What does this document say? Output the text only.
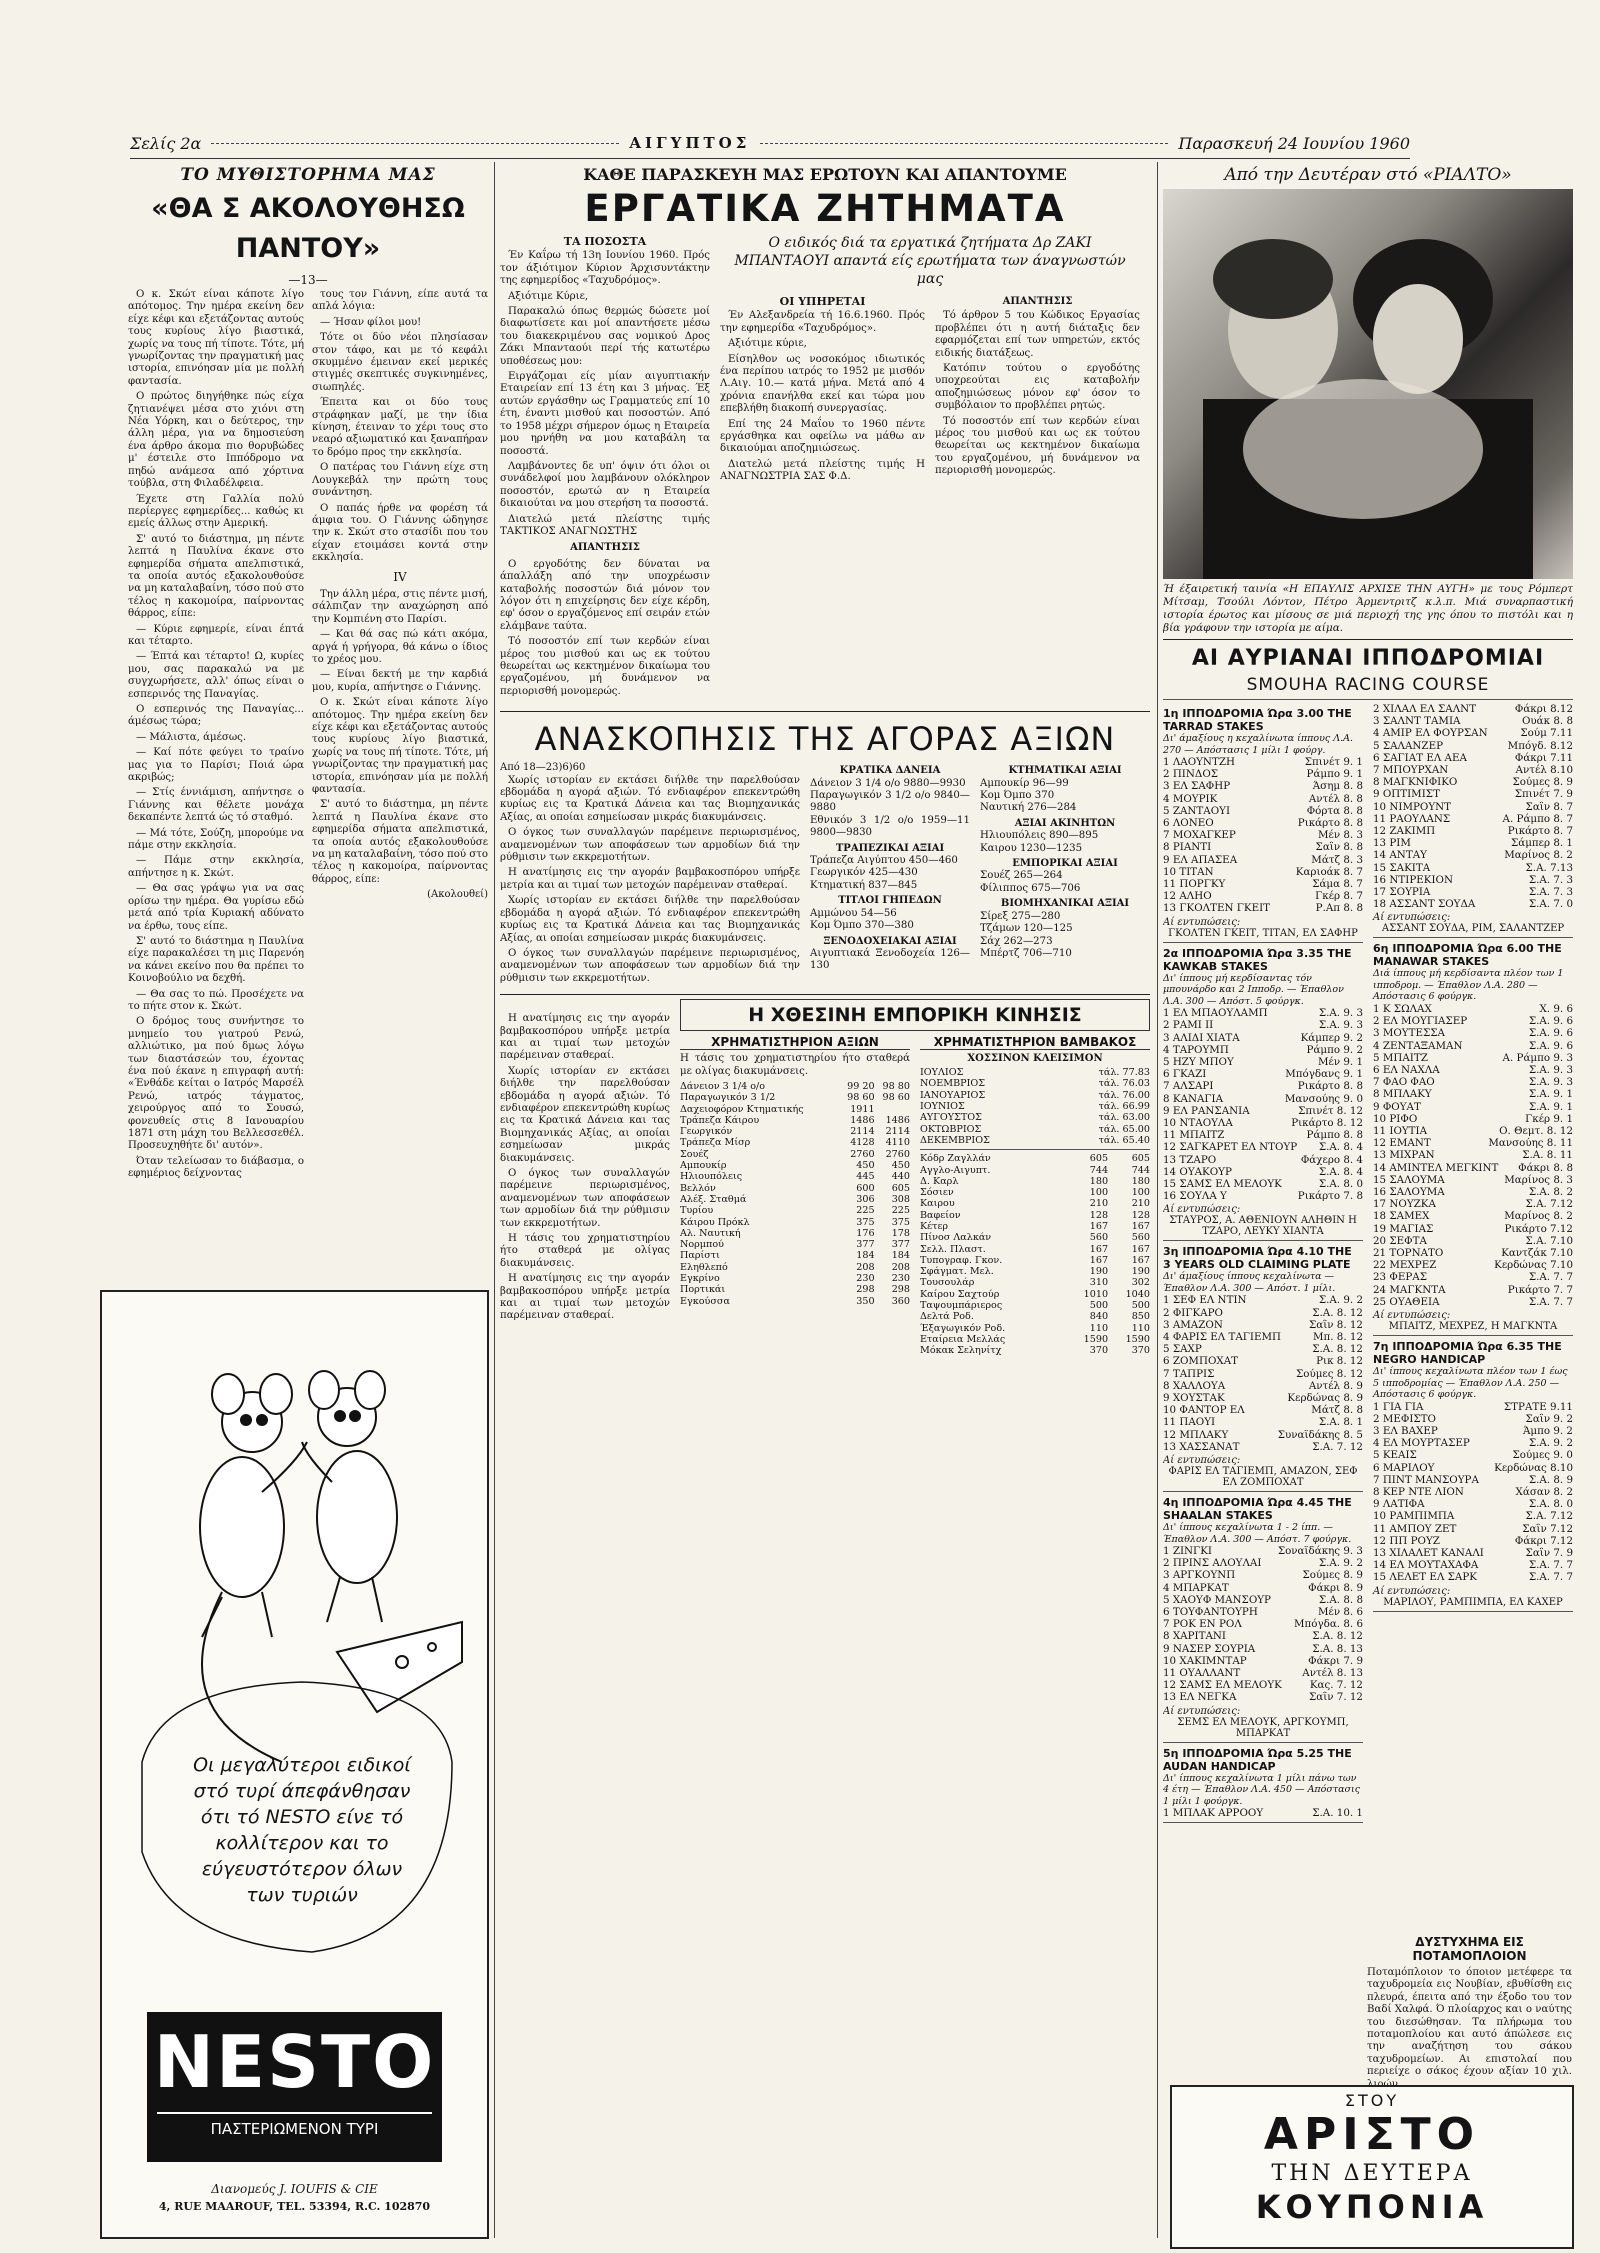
Σελίς 2α	ΑΙΓΥΠΤΟΣ	Παρασκευή 24 Ιουνίου 1960
ΤΟ ΜΥΘΙΣΤΟΡΗΜΑ ΜΑΣ
«ΘΑ Σ ΑΚΟΛΟΥΘΗΣΩ ΠΑΝΤΟΥ»
—13—

Ο κ. Σκώτ είναι κάποτε λίγο απότομος. Την ημέρα εκείνη δεν είχε κέφι και εξετάζοντας αυτούς τους κυρίους λίγο βιαστικά, χωρίς να τους πή τίποτε. Τότε, μή γνωρίζοντας την πραγματική μας ιστορία, επινόησαν μία με πολλή φαντασία.

Ο πρώτος διηγήθηκε πώς είχα ζητιανέψει μέσα στο χιόνι στη Νέα Υόρκη, και ο δεύτερος, την άλλη μέρα, για να δημοσιεύση ένα άρθρο άκομα πιο θορυβώδες μ' έστειλε στο Ιππόδρομο να πηδώ ανάμεσα από χόρτινα τούβλα, στη Φιλαδέλφεια.

Έχετε στη Γαλλία πολύ περίεργες εφημερίδες... καθώς κι εμείς άλλως στην Αμερική.

Σ' αυτό το διάστημα, μη πέντε λεπτά η Παυλίνα έκανε στο εφημερίδα σήματα απελπιστικά, τα οποία αυτός εξακολουθούσε να μη καταλαβαίνη, τόσο πού στο τέλος η κακομοίρα, παίρνοντας θάρρος, είπε:

— Κύριε εφημερίε, είναι έπτά και τέταρτο.

— Έπτά και τέταρτο! Ω, κυρίες μου, σας παρακαλώ να με συγχωρήσετε, αλλ' όπως είναι ο εσπερινός της Παναγίας.

Ο εσπερινός της Παναγίας... άμέσως τώρα;

— Μάλιστα, άμέσως.

— Καί πότε φεύγει το τραίνο μας για το Παρίσι; Ποιά ώρα ακριβώς;

— Στίς έννιάμιση, απήντησε ο Γιάννης και θέλετε μονάχα δεκαπέντε λεπτά ώς τό σταθμό.

— Μά τότε, Σούζη, μπορούμε να πάμε στην εκκλησία.

— Πάμε στην εκκλησία, απήντησε η κ. Σκώτ.

— Θα σας γράψω για να σας ορίσω την ημέρα. Θα γυρίσω εδώ μετά από τρία Κυριακή αδύνατο να έρθω, τους είπε.

Σ' αυτό το διάστημα η Παυλίνα είχε παρακαλέσει τη μις Παρενόη να κάνει εκείνο που θα πρέπει το Κοινοβούλιο να δεχθή.

— Θα σας το πώ. Προσέχετε να το πήτε στον κ. Σκώτ.

Ο δρόμος τους συνήντησε το μνημείο του γιατρού Ρενώ, αλλιώτικο, μα πού δμως λόγω των διαστάσεών του, έχοντας ένα πού έκανε η επιγραφή αυτή: «Ένθάδε κείται ο Ιατρός Μαρσέλ Ρενώ, ιατρός τάγματος, χειρούργος από το Σουσώ, φονευθείς στις 8 Ιανουαρίου 1871 στη μάχη του Βελλεσσεθέλ. Προσευχηθήτε δι' αυτόν».

Όταν τελείωσαν το διάβασμα, ο εφημέριος δείχνοντας

τους τον Γιάννη, είπε αυτά τα απλά λόγια:

— Ήσαν φίλοι μου!

Τότε οι δύο νέοι πλησίασαν στον τάφο, και με τό κεφάλι σκυμμένο έμειναν εκεί μερικές στιγμές σκεπτικές συγκινημένες, σιωπηλές.

Έπειτα και οι δύο τους στράφηκαν μαζί, με την ίδια κίνηση, έτειναν το χέρι τους στο νεαρό αξιωματικό και ξαναπήραν το δρόμο προς την εκκλησία.

Ο πατέρας του Γιάννη είχε στη Λουγκεβάλ την πρώτη τους συνάντηση.

Ο παπάς ήρθε να φορέση τά άμφια του. Ο Γιάννης ώδηγησε την κ. Σκώτ στο στασίδι που του είχαν ετοιμάσει κοντά στην εκκλησία.

IV

Την άλλη μέρα, στις πέντε μισή, σάλπιζαν την αναχώρηση από την Κομπιένη στο Παρίσι.

— Και θά σας πώ κάτι ακόμα, αργά ή γρήγορα, θά κάνω ο ίδιος το χρέος μου.

— Είναι δεκτή με την καρδιά μου, κυρία, απήντησε ο Γιάννης.

Ο κ. Σκώτ είναι κάποτε λίγο απότομος. Την ημέρα εκείνη δεν είχε κέφι και εξετάζοντας αυτούς τους κυρίους λίγο βιαστικά, χωρίς να τους πή τίποτε. Τότε, μή γνωρίζοντας την πραγματική μας ιστορία, επινόησαν μία με πολλή φαντασία.

Σ' αυτό το διάστημα, μη πέντε λεπτά η Παυλίνα έκανε στο εφημερίδα σήματα απελπιστικά, τα οποία αυτός εξακολουθούσε να μη καταλαβαίνη, τόσο πού στο τέλος η κακομοίρα, παίρνοντας θάρρος, είπε:

(Ακολουθεί)
Οι μεγαλύτεροι ειδικοί
στό τυρί άπεφάνθησαν
ότι τό NESTO είνε τό
κολλίτερον και το
εύγευστότερον όλων
των τυριών
NESTO
ΠΑΣΤΕΡΙΩΜΕΝΟΝ ΤΥΡΙ
Διανομεύς J. IOUFIS & CIE
4, RUE MAAROUF, TEL. 53394, R.C. 102870
ΚΑΘΕ ΠΑΡΑΣΚΕΥΗ ΜΑΣ ΕΡΩΤΟΥΝ ΚΑΙ ΑΠΑΝΤΟΥΜΕ
ΕΡΓΑΤΙΚΑ ΖΗΤΗΜΑΤΑ
ΤΑ ΠΟΣΟΣΤΑ

Έν Καΐρω τή 13η Ιουνίου 1960. Πρός τον άξιότιμον Κύριον Άρχισυντάκτην της εφημερίδος «Ταχυδρόμος».

Αξιότιμε Κύριε,

Παρακαλώ όπως θερμώς δώσετε μοί διαφωτίσετε και μοί απαντήσετε μέσω του διακεκριμένου σας νομικού Δρος Ζάκι Μπανταούι περί τής κατωτέρω υποθέσεως μου:

Ειργάζομαι είς μίαν αιγυπτιακήν Εταιρείαν επί 13 έτη και 3 μήνας. Έξ αυτών εργάσθην ως Γραμματεύς επί 10 έτη, έναντι μισθού και ποσοστών. Από το 1958 μέχρι σήμερον όμως η Εταιρεία μου ηρνήθη να μου καταβάλη τα ποσοστά.

Λαμβάνοντες δε υπ' όψιν ότι όλοι οι συνάδελφοί μου λαμβάνουν ολόκληρον ποσοστόν, ερωτώ αν η Εταιρεία δικαιούται να μου στερήση τα ποσοστά.

Διατελώ μετά πλείστης τιμής ΤΑΚΤΙΚΟΣ ΑΝΑΓΝΩΣΤΗΣ

ΑΠΑΝΤΗΣΙΣ

Ο εργοδότης δεν δύναται να άπαλλάξη από την υποχρέωσιν καταβολής ποσοστών διά μόνον τον λόγον ότι η επιχείρησις δεν είχε κέρδη, εφ' όσον ο εργαζόμενος επί σειράν ετών ελάμβανε ταύτα.

Τό ποσοστόν επί των κερδών είναι μέρος του μισθού και ως εκ τούτου θεωρείται ως κεκτημένον δικαίωμα του εργαζομένου, μή δυνάμενον να περιορισθή μονομερώς.

Ο ειδικός διά τα εργατικά ζητήματα Δρ ΖΑΚΙ ΜΠΑΝΤΑΟΥΙ απαντά είς ερωτήματα των άναγνωστών μας
ΟΙ ΥΠΗΡΕΤΑΙ

Έν Αλεξανδρεία τή 16.6.1960. Πρός την εφημερίδα «Ταχυδρόμος».

Αξιότιμε κύριε,

Είσηλθον ως νοσοκόμος ιδιωτικός ένα περίπου ιατρός το 1952 με μισθόν Λ.Αιγ. 10.— κατά μήνα. Μετά από 4 χρόνια επανήλθα εκεί και τώρα μου επεβλήθη διακοπή συνεργασίας.

Επί της 24 Μαΐου το 1960 πέντε εργάσθηκα και οφείλω να μάθω αν δικαιούμαι αποζημιώσεως.

Διατελώ μετά πλείστης τιμής Η ΑΝΑΓΝΩΣΤΡΙΑ ΣΑΣ Φ.Δ.

ΑΠΑΝΤΗΣΙΣ

Τό άρθρον 5 του Κώδικος Εργασίας προβλέπει ότι η αυτή διάταξις δεν εφαρμόζεται επί των υπηρετών, εκτός ειδικής διατάξεως.

Κατόπιν τούτου ο εργοδότης υποχρεούται εις καταβολήν αποζημιώσεως μόνον εφ' όσον το συμβόλαιον το προβλέπει ρητώς.

Τό ποσοστόν επί των κερδών είναι μέρος του μισθού και ως εκ τούτου θεωρείται ως κεκτημένον δικαίωμα του εργαζομένου, μή δυνάμενον να περιορισθή μονομερώς.

ΑΝΑΣΚΟΠΗΣΙΣ ΤΗΣ ΑΓΟΡΑΣ ΑΞΙΩΝ
Από 18—23)6)60

Χωρίς ιστορίαν εν εκτάσει διήλθε την παρελθούσαν εβδομάδα η αγορά αξιών. Τό ενδιαφέρον επεκεντρώθη κυρίως εις τα Κρατικά Δάνεια και τας Βιομηχανικάς Αξίας, αι οποίαι εσημείωσαν μικράς διακυμάνσεις.

Ο όγκος των συναλλαγών παρέμεινε περιωρισμένος, αναμενομένων των αποφάσεων των αρμοδίων διά την ρύθμισιν των εκκρεμοτήτων.

Η ανατίμησις εις την αγοράν βαμβακοσπόρου υπήρξε μετρία και αι τιμαί των μετοχών παρέμειναν σταθεραί.

Χωρίς ιστορίαν εν εκτάσει διήλθε την παρελθούσαν εβδομάδα η αγορά αξιών. Τό ενδιαφέρον επεκεντρώθη κυρίως εις τα Κρατικά Δάνεια και τας Βιομηχανικάς Αξίας, αι οποίαι εσημείωσαν μικράς διακυμάνσεις.

Ο όγκος των συναλλαγών παρέμεινε περιωρισμένος, αναμενομένων των αποφάσεων των αρμοδίων διά την ρύθμισιν των εκκρεμοτήτων.

ΚΡΑΤΙΚΑ ΔΑΝΕΙΑ
Δάνειον 3 1/4 ο/ο 9880—9930
Παραγωγικόν 3 1/2 ο/ο 9840—9880
Εθνικόν 3 1/2 ο/ο 1959—11 9800—9830
ΤΡΑΠΕΖΙΚΑΙ ΑΞΙΑΙ
Τράπεζα Αιγύπτου 450—460
Γεωργικόν 425—430
Κτηματική 837—845
ΤΙΤΛΟΙ ΓΗΠΕΔΩΝ
Αμμώνου 54—56
Κομ Όμπο 370—380
ΞΕΝΟΔΟΧΕΙΑΚΑΙ ΑΞΙΑΙ
Αιγυπτιακά Ξενοδοχεία 126—130
ΚΤΗΜΑΤΙΚΑΙ ΑΞΙΑΙ
Αμπουκίρ 96—99
Κομ Όμπο 370
Ναυτική 276—284
ΑΞΙΑΙ ΑΚΙΝΗΤΩΝ
Ηλιουπόλεις 890—895
Καιρου 1230—1235
ΕΜΠΟΡΙΚΑΙ ΑΞΙΑΙ
Σουέζ 265—264
Φίλιππος 675—706
ΒΙΟΜΗΧΑΝΙΚΑΙ ΑΞΙΑΙ
Σίρεξ 275—280
Τζάμων 120—125
Σάχ 262—273
Μπέρτζ 706—710

Η ανατίμησις εις την αγοράν βαμβακοσπόρου υπήρξε μετρία και αι τιμαί των μετοχών παρέμειναν σταθεραί.

Χωρίς ιστορίαν εν εκτάσει διήλθε την παρελθούσαν εβδομάδα η αγορά αξιών. Τό ενδιαφέρον επεκεντρώθη κυρίως εις τα Κρατικά Δάνεια και τας Βιομηχανικάς Αξίας, αι οποίαι εσημείωσαν μικράς διακυμάνσεις.

Ο όγκος των συναλλαγών παρέμεινε περιωρισμένος, αναμενομένων των αποφάσεων των αρμοδίων διά την ρύθμισιν των εκκρεμοτήτων.

Η τάσις του χρηματιστηρίου ήτο σταθερά με ολίγας διακυμάνσεις.

Η ανατίμησις εις την αγοράν βαμβακοσπόρου υπήρξε μετρία και αι τιμαί των μετοχών παρέμειναν σταθεραί.

Η ΧΘΕΣΙΝΗ ΕΜΠΟΡΙΚΗ ΚΙΝΗΣΙΣ
ΧΡΗΜΑΤΙΣΤΗΡΙΟΝ ΑΞΙΩΝ
Η τάσις του χρηματιστηρίου ήτο σταθερά με ολίγας διακυμάνσεις.
Δάνειον 3 1/4 ο/ο	99 20	98 80
Παραγωγικόν 3 1/2	98 60	98 60
Δαχειοφόρον Κτηματικής	1911	
Τράπεζα Κάιρου	1486	1486
Γεωργικόν	2114	2114
Τράπεζα Μίσρ	4128	4110
Σουέζ	2760	2760
Αμπουκίρ	450	450
Ηλιουπόλεις	445	440
Βελλόν	600	605
Αλέξ. Σταθμά	306	308
Τυρίου	225	225
Κάιρου Πρόκλ	375	375
Αλ. Ναυτική	176	178
Νορμπού	377	377
Παρίστι	184	184
Εληθλεπό	208	208
Εγκρίνο	230	230
Πορτικάι	298	298
Εγκούσσα	350	360
ΧΡΗΜΑΤΙΣΤΗΡΙΟΝ ΒΑΜΒΑΚΟΣ
ΧΟΣΣΙΝΟΝ ΚΛΕΙΣΙΜΟΝ
ΙΟΥΛΙΟΣ	τάλ. 77.83
ΝΟΕΜΒΡΙΟΣ	τάλ. 76.03
ΙΑΝΟΥΑΡΙΟΣ	τάλ. 76.00
ΙΟΥΝΙΟΣ	τάλ. 66.99
ΑΥΓΟΥΣΤΟΣ	τάλ. 63.00
ΟΚΤΩΒΡΙΟΣ	τάλ. 65.00
ΔΕΚΕΜΒΡΙΟΣ	τάλ. 65.40
Κόδρ Ζαγλλάν	605	605
Αγγλο-Αιγυπτ.	744	744
Δ. Καρλ	180	180
Σόσιεν	100	100
Καιρου	210	210
Βαφείον	128	128
Κέτερ	167	167
Πίνοσ Λαλκάν	560	560
Σελλ. Πλαστ.	167	167
Τυπογραφ. Γκον.	167	167
Σφάγματ. Μελ.	190	190
Τουσουλάρ	310	302
Καίρου Σαχτούρ	1010	1040
Ταψουμπάριερος	500	500
Δελτά Ροδ.	840	850
Έξαγωγικόν Ροδ.	110	110
Εταίρεια Μελλάς	1590	1590
Μόκακ Σεληνίτχ	370	370
Από την Δευτέραν στό «ΡΙΑΛΤΟ»
Ή έξαιρετική ταινία «Η ΕΠΑΥΛΙΣ ΑΡΧΙΣΕ ΤΗΝ ΑΥΓΗ» με τους Ρόμπερτ Μίτσαμ, Τσούλι Λόντον, Πέτρο Άρμεντριτζ κ.λ.π. Μιά συναρπαστική ιστορία έρωτος και μίσους σε μιά περιοχή της γης όπου το πιστόλι και η βία γράφουν την ιστορία με αίμα.
ΑΙ ΑΥΡΙΑΝΑΙ ΙΠΠΟΔΡΟΜΙΑΙ
SMOUHA RACING COURSE
1η ΙΠΠΟΔΡΟΜΙΑ Ώρα 3.00 THE TARRAD STAKES
Δι' άμαξίους η κεχαλίνωτα ίππους Λ.Α. 270 — Απόστασις 1 μίλι 1 φούργ.
1 ΛΑΟΥΝΤΖΗ	Σπινέτ 9. 1
2 ΠΙΝΔΟΣ	Ράμπο 9. 1
3 ΕΛ ΣΑΦΗΡ	Άσημ 8. 8
4 ΜΟΥΡΙΚ	Αντέλ 8. 8
5 ΖΑΝΤΑΟΥΙ	Φόρτα 8. 8
6 ΛΟΝΕΟ	Ρικάρτο 8. 8
7 ΜΟΧΑΓΚΕΡ	Μέν 8. 3
8 ΡΙΑΝΤΙ	Σαΐν 8. 8
9 ΕΛ ΑΠΑΣΕΑ	Μάτζ 8. 3
10 ΤΙΤΑΝ	Καριοάκ 8. 7
11 ΠΟΡΓΚΥ	Σάμα 8. 7
12 ΑΛΗΟ	Γκέρ 8. 7
13 ΓΚΟΛΤΕΝ ΓΚΕΙΤ	Ρ.Απ 8. 8
Αί εντυπώσεις:
ΓΚΟΛΤΕΝ ΓΚΕΙΤ, ΤΙΤΑΝ, ΕΛ ΣΑΦΗΡ
2α ΙΠΠΟΔΡΟΜΙΑ Ώρα 3.35 THE KAWKAB STAKES
Δι' ίππους μή κερδίσαντας τόν μπουνάρδο και 2 Ιπποδρ. — Έπαθλον Λ.Α. 300 — Απόστ. 5 φούργκ.
1 ΕΛ ΜΠΑΟΥΛΑΜΠ	Σ.Α. 9. 3
2 ΡΑΜΙ ΙΙ	Σ.Α. 9. 3
3 ΑΛΙΔΙ ΧΙΑΤΑ	Κάμπερ 9. 2
4 ΤΑΡΟΥΜΠ	Ράμπο 9. 2
5 ΗΖΥ ΜΠΟΥ	Μέν 9. 1
6 ΓΚΑΖΙ	Μπόγδανς 9. 1
7 ΑΛΣΑΡΙ	Ρικάρτο 8. 8
8 ΚΑΝΑΓΙΑ	Μανσούης 9. 0
9 ΕΛ ΡΑΝΣΑΝΙΑ	Σπινέτ 8. 12
10 ΝΤΑΟΥΛΑ	Ρικάρτο 8. 12
11 ΜΠΑΙΤΖ	Ράμπο 8. 8
12 ΣΑΓΚΑΡΕΤ ΕΛ ΝΤΟΥΡ Σ.Α. 8. 4
13 ΤΖΑΡΟ	Φάχερο 8. 4
14 ΟΥΑΚΟΥΡ	Σ.Α. 8. 4
15 ΣΑΜΣ ΕΛ ΜΕΛΟΥΚ	Σ.Α. 8. 0
16 ΣΟΥΛΑ Υ	Ρικάρτο 7. 8
Αί εντυπώσεις:
ΣΤΑΥΡΟΣ, Α. ΑΘΕΝΙΟΥΝ ΑΛΗΘΙΝ Η ΤΖΑΡΟ, ΛΕΥΚΥ ΧΙΑΝΤΑ
3η ΙΠΠΟΔΡΟΜΙΑ Ώρα 4.10 THE 3 YEARS OLD CLAIMING PLATE
Δι' άμαξίους ίππους κεχαλίνωτα — Έπαθλον Λ.Α. 300 — Απόστ. 1 μίλι.
1 ΣΕΦ ΕΛ ΝΤΙΝ	Σ.Α. 9. 2
2 ΦΙΓΚΑΡΟ	Σ.Α. 8. 12
3 ΑΜΑΖΟΝ	Σαΐν 8. 12
4 ΦΑΡΙΣ ΕΛ ΤΑΓΙΕΜΠ	Μπ. 8. 12
5 ΣΑΧΡ	Σ.Α. 8. 12
6 ΖΟΜΠΟΧΑΤ	Ρικ 8. 12
7 ΤΑΠΡΙΣ	Σούμες 8. 12
8 ΧΑΛΛΟΥΑ	Αντέλ 8. 9
9 ΧΟΥΣΤΑΚ	Κερδώνας 8. 9
10 ΦΑΝΤΟΡ ΕΛ	Μάτζ 8. 8
11 ΠΑΟΥΙ	Σ.Α. 8. 1
12 ΜΠΛΑΚΥ	Συναϊδάκης 8. 5
13 ΧΑΣΣΑΝΑΤ	Σ.Α. 7. 12
Αί εντυπώσεις:
ΦΑΡΙΣ ΕΛ ΤΑΓΙΕΜΠ, ΑΜΑΖΟΝ, ΣΕΦ ΕΛ ΖΟΜΠΟΧΑΤ
4η ΙΠΠΟΔΡΟΜΙΑ Ώρα 4.45 THE SHAALAN STAKES
Δι' ίππους κεχαλίνωτα 1 - 2 ίππ. — Έπαθλον Λ.Α. 300 — Απόστ. 7 φούργκ.
1 ΖΙΝΓΚΙ	Σοναϊδάκης 9. 3
2 ΠΡΙΝΣ ΑΛΟΥΛΑΙ	Σ.Α. 9. 2
3 ΑΡΓΚΟΥΝΠ	Σούμες 8. 9
4 ΜΠΑΡΚΑΤ	Φάκρι 8. 9
5 ΧΑΟΥΦ ΜΑΝΣΟΥΡ	Σ.Α. 8. 8
6 ΤΟΥΦΑΝΤΟΥΡΗ	Μέν 8. 6
7 ΡΟΚ ΕΝ ΡΟΛ	Μπόγδα. 8. 6
8 ΧΑΡΙΤΑΝΙ	Σ.Α. 8. 12
9 ΝΑΣΕΡ ΣΟΥΡΙΑ	Σ.Α. 8. 13
10 ΧΑΚΙΜΝΤΑΡ	Φάκρι 7. 9
11 ΟΥΑΛΛΑΝΤ	Αντέλ 8. 13
12 ΣΑΜΣ ΕΛ ΜΕΛΟΥΚ	Κας. 7. 12
13 ΕΛ ΝΕΓΚΑ	Σαΐν 7. 12
Αί εντυπώσεις:
ΣΕΜΣ ΕΛ ΜΕΛΟΥΚ, ΑΡΓΚΟΥΜΠ, ΜΠΑΡΚΑΤ
5η ΙΠΠΟΔΡΟΜΙΑ Ώρα 5.25 THE AUDAN HANDICAP
Δι' ίππους κεχαλίνωτα 1 μίλι πάνω των 4 έτη — Έπαθλον Λ.Α. 450 — Απόστασις 1 μίλι 1 φούργκ.
1 ΜΠΛΑΚ ΑΡΡΟΟΥ	Σ.Α. 10. 1
2 ΧΙΛΑΛ ΕΛ ΣΑΛΝΤ	Φάκρι 8.12
3 ΣΑΛΝΤ ΤΑΜΙΑ	Ουάκ 8. 8
4 ΑΜΙΡ ΕΛ ΦΟΥΡΣΑΝ	Σούμ 7.11
5 ΣΑΛΑΝΖΕΡ	Μπόγδ. 8.12
6 ΣΑΓΙΑΤ ΕΛ ΑΕΑ	Φάκρι 7.11
7 ΜΠΟΥΡΧΑΝ	Αντέλ 8.10
8 ΜΑΓΚΝΙΦΙΚΟ	Σούμες 8. 9
9 ΟΠΤΙΜΙΣΤ	Σπινέτ 7. 9
10 ΝΙΜΡΟΥΝΤ	Σαΐν 8. 7
11 ΡΑΟΥΛΑΝΣ	Α. Ράμπο 8. 7
12 ΖΑΚΙΜΠ	Ρικάρτο 8. 7
13 ΡΙΜ	Σάμπερ 8. 1
14 ΑΝΤΑΥ	Μαρίνος 8. 2
15 ΣΑΚΙΤΑ	Σ.Α. 7.13
16 ΝΤΙΡΕΚΙΟΝ	Σ.Α. 7. 3
17 ΣΟΥΡΙΑ	Σ.Α. 7. 3
18 ΑΣΣΑΝΤ ΣΟΥΔΑ	Σ.Α. 7. 0
Αί εντυπώσεις:
ΑΣΣΑΝΤ ΣΟΥΔΑ, ΡΙΜ, ΣΑΛΑΝΤΖΕΡ
6η ΙΠΠΟΔΡΟΜΙΑ Ώρα 6.00 THE MANAWAR STAKES
Διά ίππους μή κερδίσαντα πλέον των 1 ιπποδρομ. — Έπαθλον Λ.Α. 280 — Απόστασις 6 φούργκ.
1 Κ ΣΩΛΑΧ	Χ. 9. 6
2 ΕΛ ΜΟΥΓΙΑΣΕΡ	Σ.Α. 9. 6
3 ΜΟΥΤΕΣΣΑ	Σ.Α. 9. 6
4 ΖΕΝΤΑΞΑΜΑΝ	Σ.Α. 9. 6
5 ΜΠΑΙΤΖ	Α. Ράμπο 9. 3
6 ΕΛ ΝΑΧΛΑ	Σ.Α. 9. 3
7 ΦΑΟ ΦΑΟ	Σ.Α. 9. 3
8 ΜΠΛΑΚΥ	Σ.Α. 9. 1
9 ΦΟΥΑΤ	Σ.Α. 9. 1
10 ΡΙΦΟ	Γκέρ 9. 1
11 ΙΟΥΤΙΑ	Ο. Θεμτ. 8. 12
12 ΕΜΑΝΤ	Μανσούης 8. 11
13 ΜΙΧΡΑΝ	Σ.Α. 8. 11
14 ΑΜΙΝΤΕΛ ΜΕΓΚΙΝΤ Φάκρι 8. 8
15 ΣΑΛΟΥΜΑ	Μαρίνος 8. 3
16 ΣΑΛΟΥΜΑ	Σ.Α. 8. 2
17 ΝΟΥΖΚΑ	Σ.Α. 7.12
18 ΣΑΜΕΧ	Μαρίνος 8. 2
19 ΜΑΓΙΑΣ	Ρικάρτο 7.12
20 ΣΕΦΤΑ	Σ.Α. 7.10
21 ΤΟΡΝΑΤΟ	Καντζάκ 7.10
22 ΜΕΧΡΕΖ	Κερδώνας 7.10
23 ΦΕΡΑΣ	Σ.Α. 7. 7
24 ΜΑΓΚΝΤΑ	Ρικάρτο 7. 7
25 ΟΥΑΘΕΙΑ	Σ.Α. 7. 7
Αί εντυπώσεις:
ΜΠΑΙΤΖ, ΜΕΧΡΕΖ, Η ΜΑΓΚΝΤΑ
7η ΙΠΠΟΔΡΟΜΙΑ Ώρα 6.35 THE NEGRO HANDICAP
Δι' ίππους κεχαλίνωτα πλέον των 1 έως 5 ιπποδρομίας — Έπαθλον Λ.Α. 250 — Απόστασις 6 φούργκ.
1 ΓΙΑ ΓΙΑ	ΣΤΡΑΤΕ 9.11
2 ΜΕΦΙΣΤΟ	Σαΐν 9. 2
3 ΕΛ ΒΑΧΕΡ	Άμπο 9. 2
4 ΕΛ ΜΟΥΡΤΑΣΕΡ	Σ.Α. 9. 2
5 ΚΕΑΙΣ	Σούμες 9. 0
6 ΜΑΡΙΛΟΥ	Κερδώνας 8.10
7 ΠΙΝΤ ΜΑΝΣΟΥΡΑ	Σ.Α. 8. 9
8 ΚΕΡ ΝΤΕ ΛΙΟΝ	Χάσαν 8. 2
9 ΛΑΤΙΦΑ	Σ.Α. 8. 0
10 ΡΑΜΠΙΜΠΑ	Σ.Α. 7.12
11 ΑΜΠΟΥ ΖΕΤ	Σαΐν 7.12
12 ΠΠ ΡΟΥΖ	Φάκρι 7.12
13 ΧΙΛΑΛΕΤ ΚΑΝΑΛΙ	Σαΐν 7. 9
14 ΕΛ ΜΟΥΤΑΧΑΦΑ	Σ.Α. 7. 7
15 ΛΕΛΕΤ ΕΛ ΣΑΡΚ	Σ.Α. 7. 7
Αί εντυπώσεις:
ΜΑΡΙΛΟΥ, ΡΑΜΠΙΜΠΑ, ΕΛ ΚΑΧΕΡ
ΔΥΣΤΥΧΗΜΑ ΕΙΣ ΠΟΤΑΜΟΠΛΟΙΟΝ
Ποταμόπλοιον το όποιον μετέφερε τα ταχυδρομεία εις Νουβίαν, εβυθίσθη εις πλευρά, έπειτα από την έξοδο του τον Βαδί Χαλφά. Ό πλοίαρχος και ο ναύτης του διεσώθησαν. Τα πλήρωμα του ποταμοπλοίου και αυτό άπώλεσε εις την αναζήτηση του σάκου ταχυδρομείων. Αι επιστολαί που περιείχε ο σάκος έχουν αξίαν 10 χιλ.
ΣΤΟΥ
ΑΡΙΣΤΟ
ΤΗΝ ΔΕΥΤΕΡΑ
ΚΟΥΠΟΝΙΑ
